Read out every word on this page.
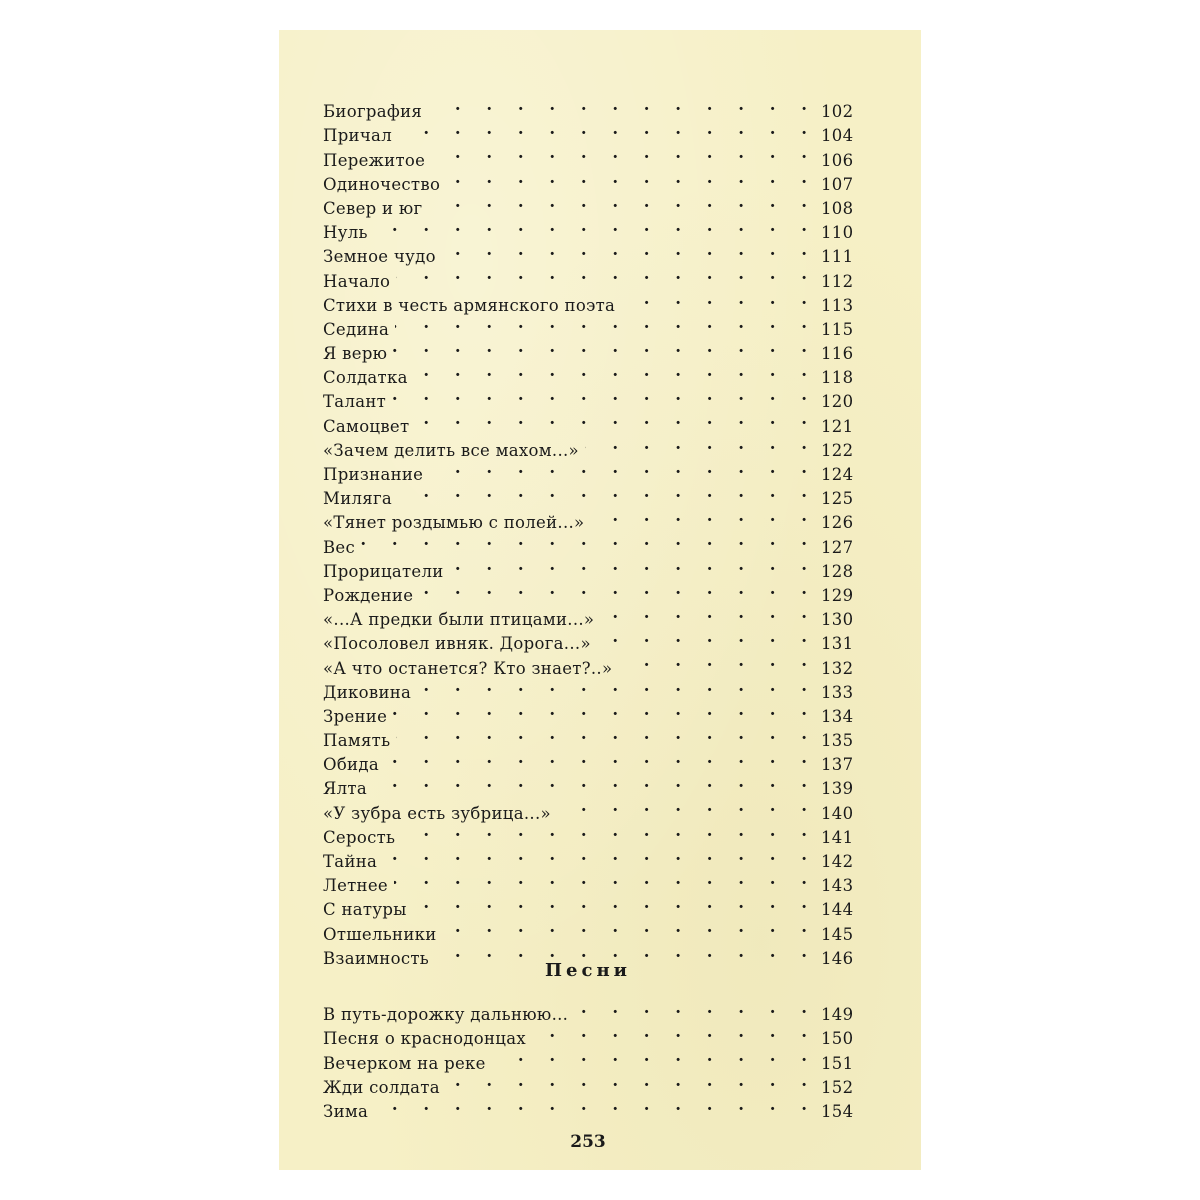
Биография . . .	102
Причал . . .	104
Пережитое . . .	106
Одиночество . . .	107
Север и юг . . .	108
Нуль . . .	110
Земное чудо . . .	111
Начало . . .	112
Стихи в честь армянского поэта . . .	113
Седина . . .	115
Я верю . . .	116
Солдатка . . .	118
Талант . . .	120
Самоцвет . . .	121
«Зачем делить все махом...» . . .	122
Признание . . .	124
Миляга . . .	125
«Тянет роздымью с полей...» . . .	126
Вес . . .	127
Прорицатели . . .	128
Рождение . . .	129
«...А предки были птицами...» . . .	130
«Посоловел ивняк. Дорога...» . . .	131
«А что останется? Кто знает?..» . . .	132
Диковина . . .	133
Зрение . . .	134
Память . . .	135
Обида . . .	137
Ялта . . .	139
«У зубра есть зубрица...» . . .	140
Серость . . .	141
Тайна . . .	142
Летнее . . .	143
С натуры . . .	144
Отшельники . . .	145
Взаимность . . .	146
Песни
В путь-дорожку дальнюю... . . .	149
Песня о краснодонцах . . .	150
Вечерком на реке . . .	151
Жди солдата . . .	152
Зима . . .	154
253
